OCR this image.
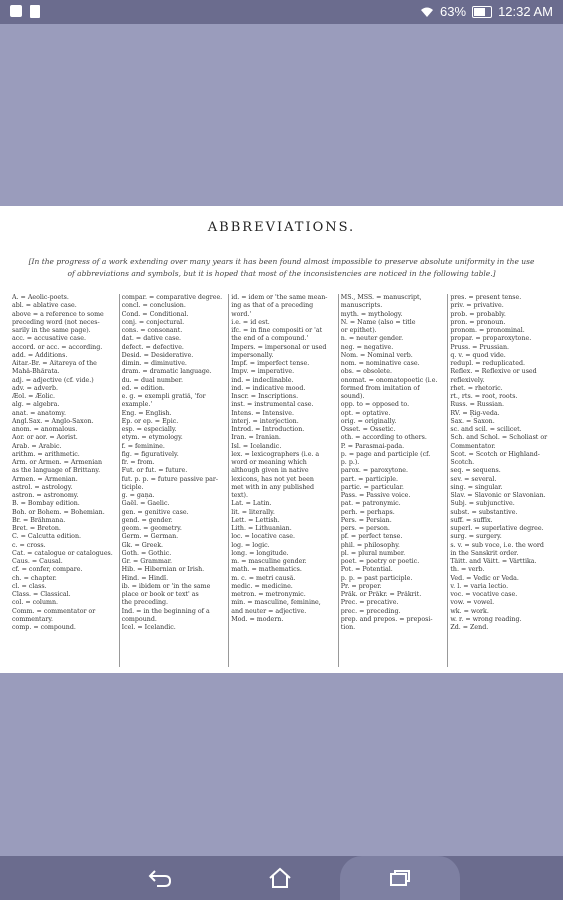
63% 12:32 AM
ABBREVIATIONS.
[In the progress of a work extending over many years it has been found almost impossible to preserve absolute uniformity in the use
of abbreviations and symbols, but it is hoped that most of the inconsistencies are noticed in the following table.]
A. = Aeolic-poets.
abl. = ablative case.
above = a reference to some
preceding word (not neces-
sarily in the same page).
acc. = accusative case.
accord. or acc. = according.
add. = Additions.
Aitar.-Br. = Aitareya of the
Mahâ-Bhârata.
adj. = adjective (cf. vide.)
adv. = adverb.
Æol. = Æolic.
alg. = algebra.
anat. = anatomy.
Angl.Sax. = Anglo-Saxon.
anom. = anomalous.
Aor. or aor. = Aorist.
Arab. = Arabic.
arithm. = arithmetic.
Arm. or Armen. = Armenian
as the language of Brittany.
Armen. = Armenian.
astrol. = astrology.
astron. = astronomy.
B. = Bombay edition.
Boh. or Bohem. = Bohemian.
Br. = Brâhmana.
Bret. = Breton.
C. = Calcutta edition.
c. = cross.
Cat. = catalogue or catalogues.
Caus. = Causal.
cf. = confer, compare.
ch. = chapter.
cl. = class.
Class. = Classical.
col. = column.
Comm. = commentator or
commentary.
comp. = compound.
compar. = comparative degree.
concl. = conclusion.
Cond. = Conditional.
conj. = conjectural.
cons. = consonant.
dat. = dative case.
defect. = defective.
Desid. = Desiderative.
dimin. = diminutive.
dram. = dramatic language.
du. = dual number.
ed. = edition.
e. g. = exempli gratiâ, 'for
example.'
Eng. = English.
Ep. or ep. = Epic.
esp. = especially.
etym. = etymology.
f. = feminine.
fig. = figuratively.
fr. = from.
Fut. or fut. = future.
fut. p. p. = future passive par-
ticiple.
g. = gaṇa.
Gaël. = Gaelic.
gen. = genitive case.
gend. = gender.
geom. = geometry.
Germ. = German.
Gk. = Greek.
Goth. = Gothic.
Gr. = Grammar.
Hib. = Hibernian or Irish.
Hind. = Hindî.
ib. = ibidem or 'in the same
place or book or text' as
the preceding.
Ind. = in the beginning of a
compound.
Icel. = Icelandic.
id. = idem or 'the same mean-
ing as that of a preceding
word.'
i.e. = id est.
ifc. = in fine compositi or 'at
the end of a compound.'
Impers. = impersonal or used
impersonally.
Impf. = imperfect tense.
Impv. = imperative.
ind. = indeclinable.
ind. = indicative mood.
Inscr. = Inscriptions.
inst. = instrumental case.
Intens. = Intensive.
interj. = interjection.
Introd. = Introduction.
Iran. = Iranian.
Isl. = Icelandic.
lex. = lexicographers (i.e. a
word or meaning which
although given in native
lexicons, has not yet been
met with in any published
text).
Lat. = Latin.
lit. = literally.
Lett. = Lettish.
Lith. = Lithuanian.
loc. = locative case.
log. = logic.
long. = longitude.
m. = masculine gender.
math. = mathematics.
m. c. = metri causâ.
medic. = medicine.
metron. = metronymic.
min. = masculine, feminine,
and neuter = adjective.
Mod. = modern.
MS., MSS. = manuscript,
manuscripts.
myth. = mythology.
N. = Name (also = title
or epithet).
n. = neuter gender.
neg. = negative.
Nom. = Nominal verb.
nom. = nominative case.
obs. = obsolete.
onomat. = onomatopoetic (i.e.
formed from imitation of
sound).
opp. to = opposed to.
opt. = optative.
orig. = originally.
Osset. = Ossetic.
oth. = according to others.
P. = Parasmai-pada.
p. = page and participle (cf.
p. p.).
parox. = paroxytone.
part. = participle.
partic. = particular.
Pass. = Passive voice.
pat. = patronymic.
perh. = perhaps.
Pers. = Persian.
pers. = person.
pf. = perfect tense.
phil. = philosophy.
pl. = plural number.
poet. = poetry or poetic.
Pot. = Potential.
p. p. = past participle.
Pr. = proper.
Prâk. or Prâkr. = Prâkrit.
Prec. = precative.
prec. = preceding.
prep. and prepos. = preposi-
tion.
pres. = present tense.
priv. = privative.
prob. = probably.
pron. = pronoun.
pronom. = pronominal.
propar. = proparoxytone.
Pruss. = Prussian.
q. v. = quod vide.
redupl. = reduplicated.
Reflex. = Reflexive or used
reflexively.
rhet. = rhetoric.
rt., rts. = root, roots.
Russ. = Russian.
RV. = Ṛig-veda.
Sax. = Saxon.
sc. and scil. = scilicet.
Sch. and Schol. = Scholiast or
Commentator.
Scot. = Scotch or Highland-
Scotch.
seq. = sequens.
sev. = several.
sing. = singular.
Slav. = Slavonic or Slavonian.
Subj. = subjunctive.
subst. = substantive.
suff. = suffix.
superl. = superlative degree.
surg. = surgery.
s. v. = sub voce, i.e. the word
in the Sanskrit order.
Tâitt. and Vâitt. = Vârttika.
th. = verb.
Ved. = Vedic or Veda.
v. l. = varia lectio.
voc. = vocative case.
vow. = vowel.
wk. = work.
w. r. = wrong reading.
Zd. = Zend.
